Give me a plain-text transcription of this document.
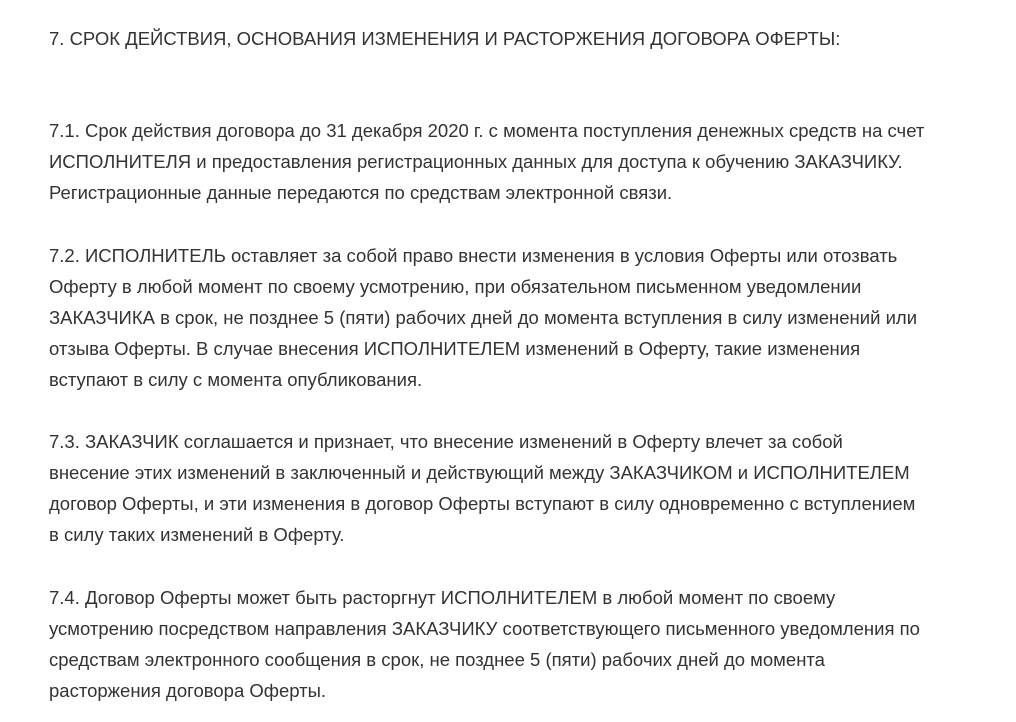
7. СРОК ДЕЙСТВИЯ, ОСНОВАНИЯ ИЗМЕНЕНИЯ И РАСТОРЖЕНИЯ ДОГОВОРА ОФЕРТЫ:

7.1. Срок действия договора до 31 декабря 2020 г. с момента поступления денежных средств на счет
ИСПОЛНИТЕЛЯ и предоставления регистрационных данных для доступа к обучению ЗАКАЗЧИКУ.
Регистрационные данные передаются по средствам электронной связи.

7.2. ИСПОЛНИТЕЛЬ оставляет за собой право внести изменения в условия Оферты или отозвать
Оферту в любой момент по своему усмотрению, при обязательном письменном уведомлении
ЗАКАЗЧИКА в срок, не позднее 5 (пяти) рабочих дней до момента вступления в силу изменений или
отзыва Оферты. В случае внесения ИСПОЛНИТЕЛЕМ изменений в Оферту, такие изменения
вступают в силу с момента опубликования.

7.3. ЗАКАЗЧИК соглашается и признает, что внесение изменений в Оферту влечет за собой
внесение этих изменений в заключенный и действующий между ЗАКАЗЧИКОМ и ИСПОЛНИТЕЛЕМ
договор Оферты, и эти изменения в договор Оферты вступают в силу одновременно с вступлением
в силу таких изменений в Оферту.

7.4. Договор Оферты может быть расторгнут ИСПОЛНИТЕЛЕМ в любой момент по своему
усмотрению посредством направления ЗАКАЗЧИКУ соответствующего письменного уведомления по
средствам электронного сообщения в срок, не позднее 5 (пяти) рабочих дней до момента
расторжения договора Оферты.
